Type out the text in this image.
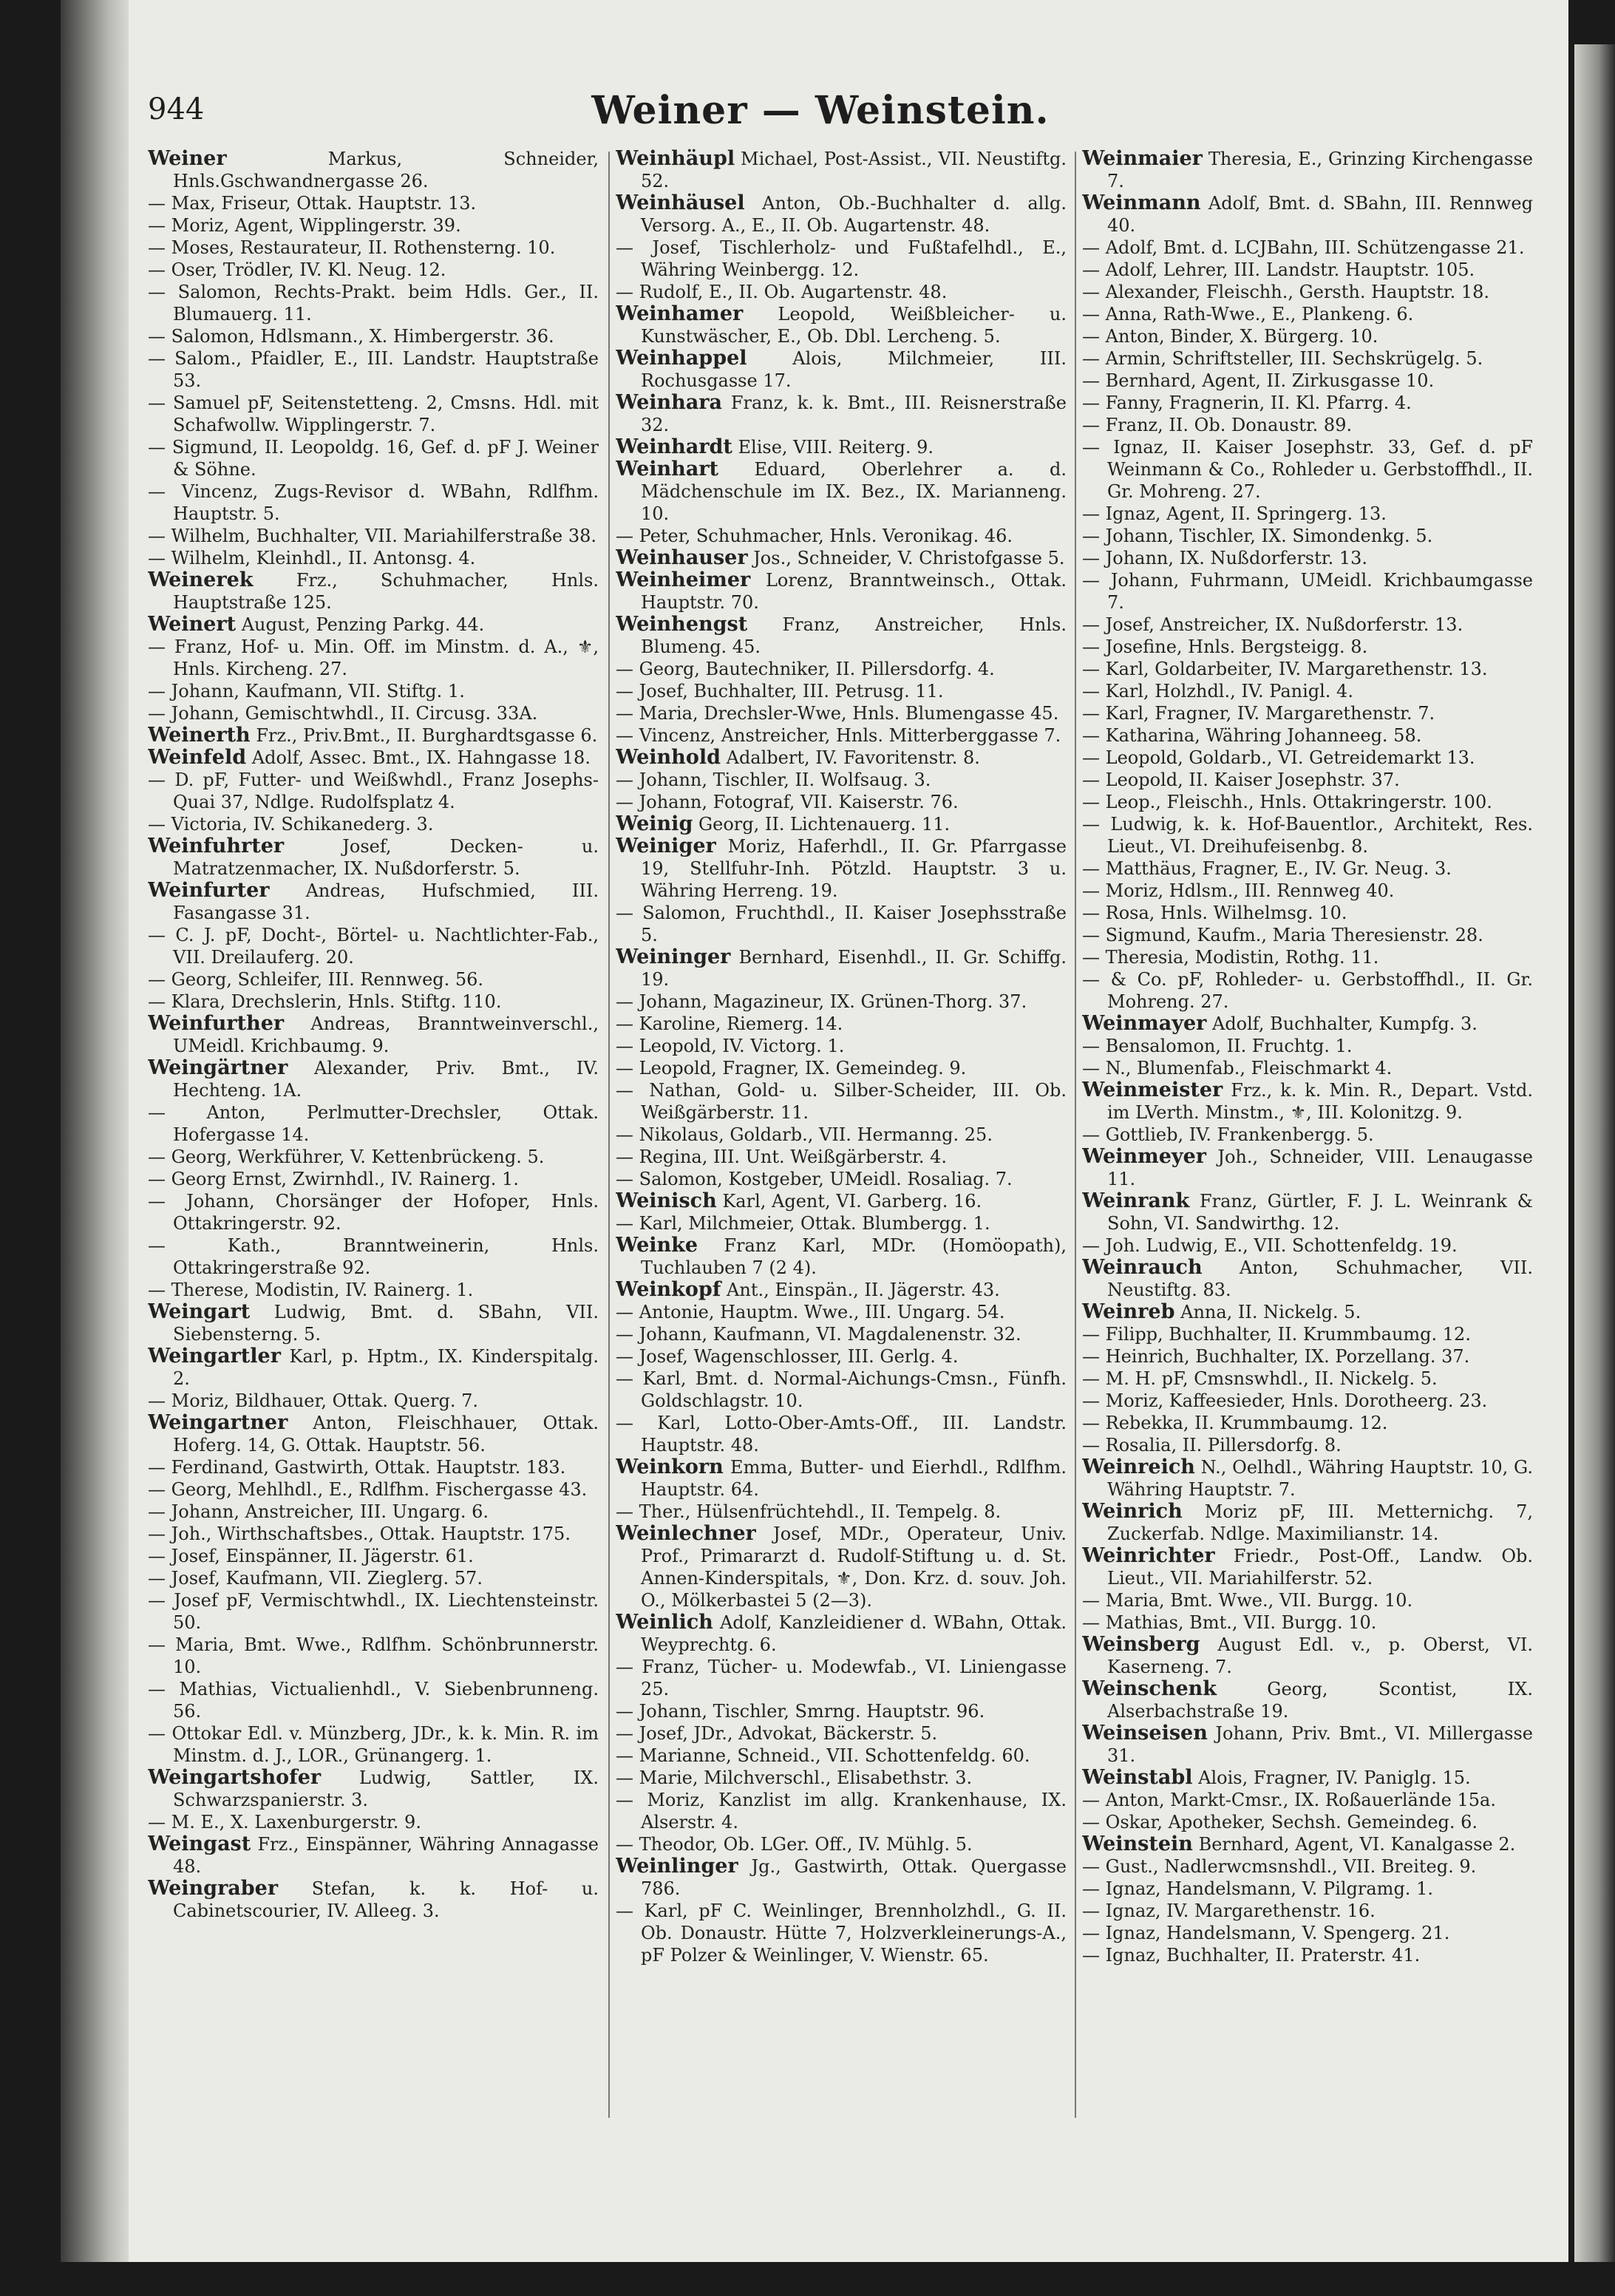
944	Weiner — Weinstein.

Weiner	Markus, Schneider, Hnls.Gschwandnergasse 26.

— Max, Friseur, Ottak. Hauptstr. 13.

— Moriz, Agent, Wipplingerstr. 39.

— Moses, Restaurateur, II. Rothensterng. 10.

— Oser, Trödler, IV. Kl. Neug. 12.

— Salomon, Rechts-Prakt. beim Hdls. Ger., II. Blumauerg. 11.

— Salomon, Hdlsmann., X. Himbergerstr. 36.

— Salom., Pfaidler, E., III. Landstr. Hauptstraße 53.

— Samuel pF, Seitenstetteng. 2, Cmsns. Hdl. mit Schafwollw. Wipplingerstr. 7.

— Sigmund, II. Leopoldg. 16, Gef. d. pF J. Weiner & Söhne.

— Vincenz, Zugs-Revisor d. WBahn, Rdlfhm. Hauptstr. 5.

— Wilhelm, Buchhalter, VII. Mariahilferstraße 38.

— Wilhelm, Kleinhdl., II. Antonsg. 4.

Weinerek Frz., Schuhmacher, Hnls. Hauptstraße 125.

Weinert August, Penzing Parkg. 44.

— Franz, Hof- u. Min. Off. im Minstm. d. A., ⚜, Hnls. Kircheng. 27.

— Johann, Kaufmann, VII. Stiftg. 1.

— Johann, Gemischtwhdl., II. Circusg. 33A.

Weinerth Frz., Priv.Bmt., II. Burghardtsgasse 6.

Weinfeld Adolf, Assec. Bmt., IX. Hahngasse 18.

— D. pF, Futter- und Weißwhdl., Franz Josephs-Quai 37, Ndlge. Rudolfsplatz 4.

— Victoria, IV. Schikanederg. 3.

Weinfuhrter	Josef, Decken- u. Matratzenmacher, IX. Nußdorferstr. 5.

Weinfurter Andreas, Hufschmied, III. Fasangasse 31.

— C. J. pF, Docht-, Börtel- u. Nachtlichter-Fab., VII. Dreilauferg. 20.

— Georg, Schleifer, III. Rennweg. 56.

— Klara, Drechslerin, Hnls. Stiftg. 110.

Weinfurther Andreas, Branntweinverschl., UMeidl. Krichbaumg. 9.

Weingärtner Alexander, Priv. Bmt., IV. Hechteng. 1A.

— Anton, Perlmutter-Drechsler, Ottak. Hofergasse 14.

— Georg, Werkführer, V. Kettenbrückeng. 5.

— Georg Ernst, Zwirnhdl., IV. Rainerg. 1.

— Johann, Chorsänger der Hofoper, Hnls. Ottakringerstr. 92.

— Kath., Branntweinerin, Hnls. Ottakringerstraße 92.

— Therese, Modistin, IV. Rainerg. 1.

Weingart Ludwig, Bmt. d. SBahn, VII. Siebensterng. 5.

Weingartler Karl, p. Hptm., IX. Kinderspitalg. 2.

— Moriz, Bildhauer, Ottak. Querg. 7.

Weingartner Anton, Fleischhauer, Ottak. Hoferg. 14, G. Ottak. Hauptstr. 56.

— Ferdinand, Gastwirth, Ottak. Hauptstr. 183.

— Georg, Mehlhdl., E., Rdlfhm. Fischergasse 43.

— Johann, Anstreicher, III. Ungarg. 6.

— Joh., Wirthschaftsbes., Ottak. Hauptstr. 175.

— Josef, Einspänner, II. Jägerstr. 61.

— Josef, Kaufmann, VII. Zieglerg. 57.

— Josef pF, Vermischtwhdl., IX. Liechtensteinstr. 50.

— Maria, Bmt. Wwe., Rdlfhm. Schönbrunnerstr. 10.

— Mathias, Victualienhdl., V. Siebenbrunneng. 56.

— Ottokar Edl. v. Münzberg, JDr., k. k. Min. R. im Minstm. d. J., LOR., Grünangerg. 1.

Weingartshofer Ludwig, Sattler, IX. Schwarzspanierstr. 3.

— M. E., X. Laxenburgerstr. 9.

Weingast Frz., Einspänner, Währing Annagasse 48.

Weingraber Stefan, k. k. Hof- u. Cabinetscourier, IV. Alleeg. 3.

Weinhäupl Michael, Post-Assist., VII. Neustiftg. 52.

Weinhäusel Anton, Ob.-Buchhalter d. allg. Versorg. A., E., II. Ob. Augartenstr. 48.

— Josef, Tischlerholz- und Fußtafelhdl., E., Währing Weinbergg. 12.

— Rudolf, E., II. Ob. Augartenstr. 48.

Weinhamer Leopold, Weißbleicher- u. Kunstwäscher, E., Ob. Dbl. Lercheng. 5.

Weinhappel	Alois, Milchmeier, III. Rochusgasse 17.

Weinhara Franz, k. k. Bmt., III. Reisnerstraße 32.

Weinhardt Elise, VIII. Reiterg. 9.

Weinhart Eduard, Oberlehrer a. d. Mädchenschule im IX. Bez., IX. Marianneng. 10.

— Peter, Schuhmacher, Hnls. Veronikag. 46.

Weinhauser Jos., Schneider, V. Christofgasse 5.

Weinheimer Lorenz, Branntweinsch., Ottak. Hauptstr. 70.

Weinhengst Franz, Anstreicher, Hnls. Blumeng. 45.

— Georg, Bautechniker, II. Pillersdorfg. 4.

— Josef, Buchhalter, III. Petrusg. 11.

— Maria, Drechsler-Wwe, Hnls. Blumengasse 45.

— Vincenz, Anstreicher, Hnls. Mitterberggasse 7.

Weinhold Adalbert, IV. Favoritenstr. 8.

— Johann, Tischler, II. Wolfsaug. 3.

— Johann, Fotograf, VII. Kaiserstr. 76.

Weinig Georg, II. Lichtenauerg. 11.

Weiniger Moriz, Haferhdl., II. Gr. Pfarrgasse 19, Stellfuhr-Inh. Pötzld. Hauptstr. 3 u. Währing Herreng. 19.

— Salomon, Fruchthdl., II. Kaiser Josephsstraße 5.

Weininger Bernhard, Eisenhdl., II. Gr. Schiffg. 19.

— Johann, Magazineur, IX. Grünen-Thorg. 37.

— Karoline, Riemerg. 14.

— Leopold, IV. Victorg. 1.

— Leopold, Fragner, IX. Gemeindeg. 9.

— Nathan, Gold- u. Silber-Scheider, III. Ob. Weißgärberstr. 11.

— Nikolaus, Goldarb., VII. Hermanng. 25.

— Regina, III. Unt. Weißgärberstr. 4.

— Salomon, Kostgeber, UMeidl. Rosaliag. 7.

Weinisch Karl, Agent, VI. Garberg. 16.

— Karl, Milchmeier, Ottak. Blumbergg. 1.

Weinke Franz Karl, MDr. (Homöopath), Tuchlauben 7 (2 4).

Weinkopf Ant., Einspän., II. Jägerstr. 43.

— Antonie, Hauptm. Wwe., III. Ungarg. 54.

— Johann, Kaufmann, VI. Magdalenenstr. 32.

— Josef, Wagenschlosser, III. Gerlg. 4.

— Karl, Bmt. d. Normal-Aichungs-Cmsn., Fünfh. Goldschlagstr. 10.

— Karl, Lotto-Ober-Amts-Off., III. Landstr. Hauptstr. 48.

Weinkorn Emma, Butter- und Eierhdl., Rdlfhm. Hauptstr. 64.

— Ther., Hülsenfrüchtehdl., II. Tempelg. 8.

Weinlechner Josef, MDr., Operateur, Univ. Prof., Primararzt d. Rudolf-Stiftung u. d. St. Annen-Kinderspitals, ⚜, Don. Krz. d. souv. Joh. O., Mölkerbastei 5 (2—3).

Weinlich Adolf, Kanzleidiener d. WBahn, Ottak. Weyprechtg. 6.

— Franz, Tücher- u. Modewfab., VI. Liniengasse 25.

— Johann, Tischler, Smrng. Hauptstr. 96.

— Josef, JDr., Advokat, Bäckerstr. 5.

— Marianne, Schneid., VII. Schottenfeldg. 60.

— Marie, Milchverschl., Elisabethstr. 3.

— Moriz, Kanzlist im allg. Krankenhause, IX. Alserstr. 4.

— Theodor, Ob. LGer. Off., IV. Mühlg. 5.

Weinlinger Jg., Gastwirth, Ottak. Quergasse 786.

— Karl, pF C. Weinlinger, Brennholzhdl., G. II. Ob. Donaustr. Hütte 7, Holzverkleinerungs-A., pF Polzer & Weinlinger, V. Wienstr. 65.

Weinmaier Theresia, E., Grinzing Kirchengasse 7.

Weinmann Adolf, Bmt. d. SBahn, III. Rennweg 40.

— Adolf, Bmt. d. LCJBahn, III. Schützengasse 21.

— Adolf, Lehrer, III. Landstr. Hauptstr. 105.

— Alexander, Fleischh., Gersth. Hauptstr. 18.

— Anna, Rath-Wwe., E., Plankeng. 6.

— Anton, Binder, X. Bürgerg. 10.

— Armin, Schriftsteller, III. Sechskrügelg. 5.

— Bernhard, Agent, II. Zirkusgasse 10.

— Fanny, Fragnerin, II. Kl. Pfarrg. 4.

— Franz, II. Ob. Donaustr. 89.

— Ignaz, II. Kaiser Josephstr. 33, Gef. d. pF Weinmann & Co., Rohleder u. Gerbstoffhdl., II. Gr. Mohreng. 27.

— Ignaz, Agent, II. Springerg. 13.

— Johann, Tischler, IX. Simondenkg. 5.

— Johann, IX. Nußdorferstr. 13.

— Johann, Fuhrmann, UMeidl. Krichbaumgasse 7.

— Josef, Anstreicher, IX. Nußdorferstr. 13.

— Josefine, Hnls. Bergsteigg. 8.

— Karl, Goldarbeiter, IV. Margarethenstr. 13.

— Karl, Holzhdl., IV. Panigl. 4.

— Karl, Fragner, IV. Margarethenstr. 7.

— Katharina, Währing Johanneeg. 58.

— Leopold, Goldarb., VI. Getreidemarkt 13.

— Leopold, II. Kaiser Josephstr. 37.

— Leop., Fleischh., Hnls. Ottakringerstr. 100.

— Ludwig, k. k. Hof-Bauentlor., Architekt, Res. Lieut., VI. Dreihufeisenbg. 8.

— Matthäus, Fragner, E., IV. Gr. Neug. 3.

— Moriz, Hdlsm., III. Rennweg 40.

— Rosa, Hnls. Wilhelmsg. 10.

— Sigmund, Kaufm., Maria Theresienstr. 28.

— Theresia, Modistin, Rothg. 11.

— & Co. pF, Rohleder- u. Gerbstoffhdl., II. Gr. Mohreng. 27.

Weinmayer Adolf, Buchhalter, Kumpfg. 3.

— Bensalomon, II. Fruchtg. 1.

— N., Blumenfab., Fleischmarkt 4.

Weinmeister Frz., k. k. Min. R., Depart. Vstd. im LVerth. Minstm., ⚜, III. Kolonitzg. 9.

— Gottlieb, IV. Frankenbergg. 5.

Weinmeyer Joh., Schneider, VIII. Lenaugasse 11.

Weinrank Franz, Gürtler, F. J. L. Weinrank & Sohn, VI. Sandwirthg. 12.

— Joh. Ludwig, E., VII. Schottenfeldg. 19.

Weinrauch Anton, Schuhmacher, VII. Neustiftg. 83.

Weinreb Anna, II. Nickelg. 5.

— Filipp, Buchhalter, II. Krummbaumg. 12.

— Heinrich, Buchhalter, IX. Porzellang. 37.

— M. H. pF, Cmsnswhdl., II. Nickelg. 5.

— Moriz, Kaffeesieder, Hnls. Dorotheerg. 23.

— Rebekka, II. Krummbaumg. 12.

— Rosalia, II. Pillersdorfg. 8.

Weinreich N., Oelhdl., Währing Hauptstr. 10, G. Währing Hauptstr. 7.

Weinrich Moriz pF, III. Metternichg. 7, Zuckerfab. Ndlge. Maximilianstr. 14.

Weinrichter Friedr., Post-Off., Landw. Ob. Lieut., VII. Mariahilferstr. 52.

— Maria, Bmt. Wwe., VII. Burgg. 10.

— Mathias, Bmt., VII. Burgg. 10.

Weinsberg August Edl. v., p. Oberst, VI. Kaserneng. 7.

Weinschenk	Georg, Scontist, IX. Alserbachstraße 19.

Weinseisen Johann, Priv. Bmt., VI. Millergasse 31.

Weinstabl Alois, Fragner, IV. Paniglg. 15.

— Anton, Markt-Cmsr., IX. Roßauerlände 15a.

— Oskar, Apotheker, Sechsh. Gemeindeg. 6.

Weinstein Bernhard, Agent, VI. Kanalgasse 2.

— Gust., Nadlerwcmsnshdl., VII. Breiteg. 9.

— Ignaz, Handelsmann, V. Pilgramg. 1.

— Ignaz, IV. Margarethenstr. 16.

— Ignaz, Handelsmann, V. Spengerg. 21.

— Ignaz, Buchhalter, II. Praterstr. 41.
